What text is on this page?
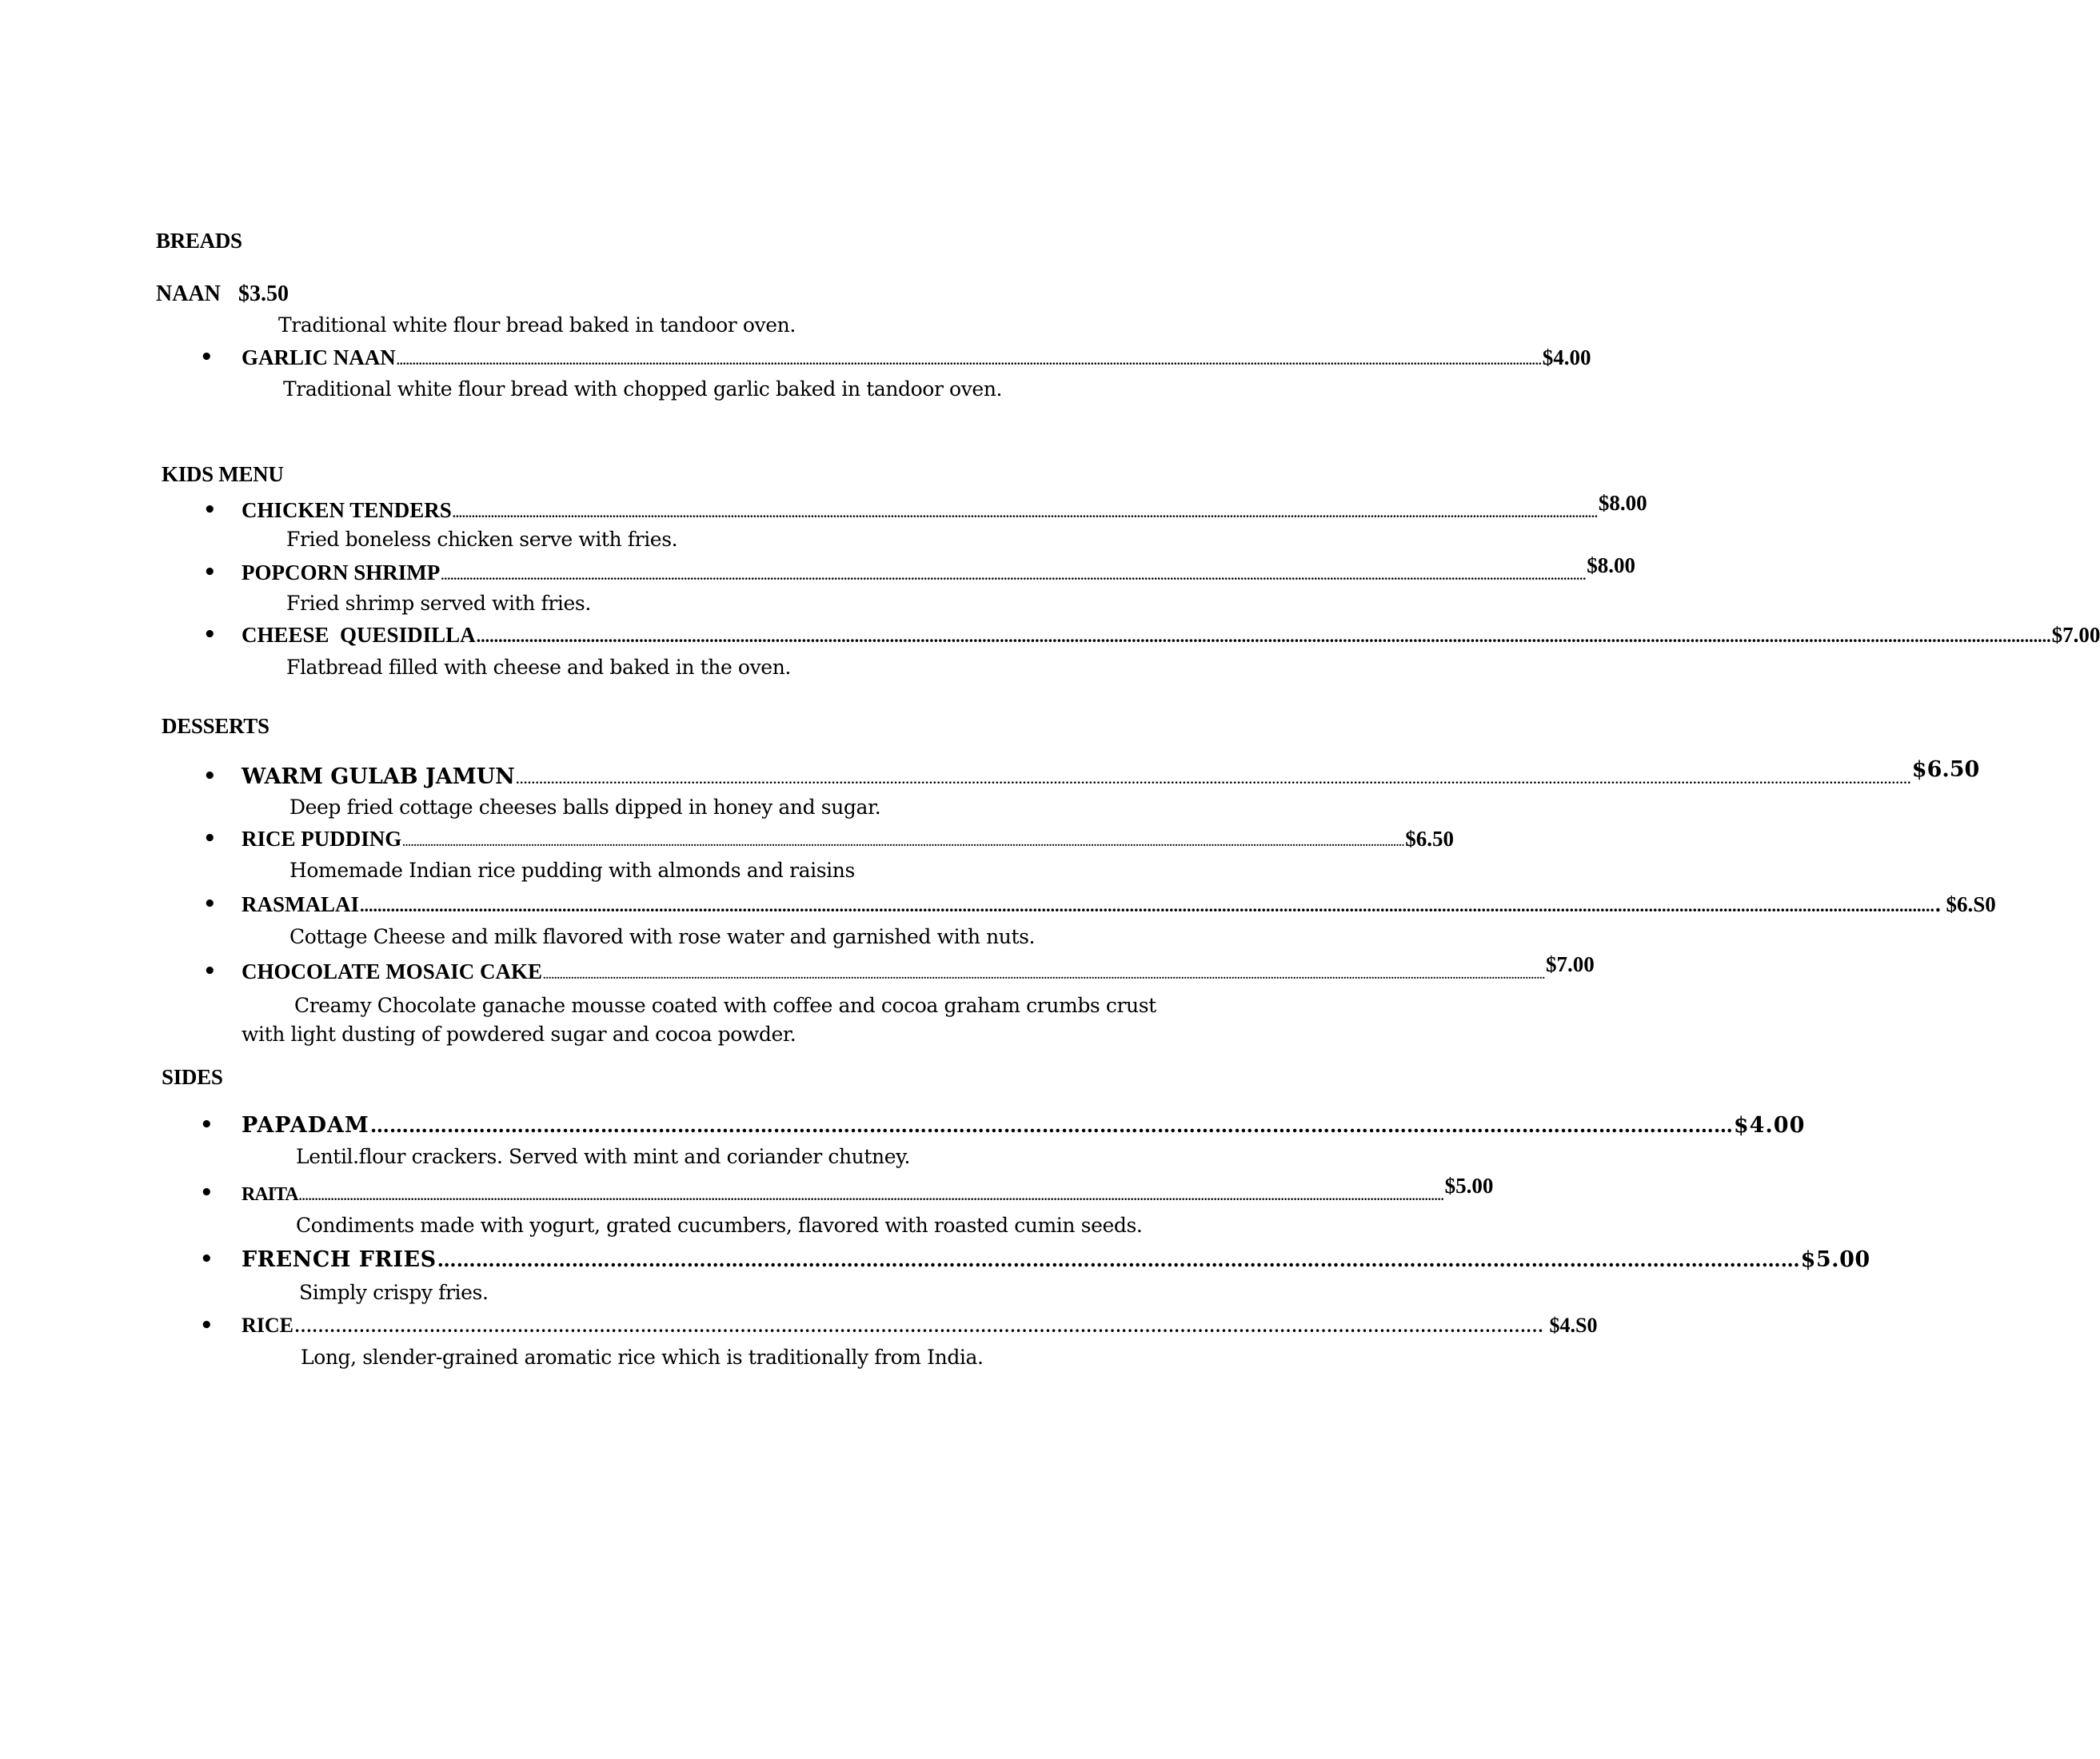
BREADS
NAAN $3.50
Traditional white flour bread baked in tandoor oven.
• GARLIC NAAN ...................................................................................................................................................................................................................................................................................................................................................................... $4.00
Traditional white flour bread with chopped garlic baked in tandoor oven.
KIDS MENU
• CHICKEN TENDERS ...................................................................................................................................................................................................................................................................................................................................................................... $8.00
Fried boneless chicken serve with fries.
• POPCORN SHRIMP ...................................................................................................................................................................................................................................................................................................................................................................... $8.00
Fried shrimp served with fries.
• CHEESE  QUESIDILLA ...................................................................................................................................................................................................................................................................................................................................................................... $7.00
Flatbread filled with cheese and baked in the oven.
DESSERTS
• WARM GULAB JAMUN ...................................................................................................................................................................................................................................................................................................................................................................... $6.50
Deep fried cottage cheeses balls dipped in honey and sugar.
• RICE PUDDING ...................................................................................................................................................................................................................................................................................................................................................................... $6.50
Homemade Indian rice pudding with almonds and raisins
• RASMALAI ...................................................................................................................................................................................................................................................................................................................................................................... . $6.S0
Cottage Cheese and milk flavored with rose water and garnished with nuts.
• CHOCOLATE MOSAIC CAKE ...................................................................................................................................................................................................................................................................................................................................................................... $7.00
Creamy Chocolate ganache mousse coated with coffee and cocoa graham crumbs crust with light dusting of powdered sugar and cocoa powder.
SIDES
• PAPADAM …………………………………………………………………………………………………………………………………………………………………………………………… $4.00
Lentil.flour crackers. Served with mint and coriander chutney.
• RAITA ...................................................................................................................................................................................................................................................................................................................................................................... $5.00
Condiments made with yogurt, grated cucumbers, flavored with roasted cumin seeds.
• FRENCH FRIES …………………………………………………………………………………………………………………………………………………………………………………………… $5.00
Simply crispy fries.
• RICE …………………………………………………………………………………………………………………………………………………………………………………………… $4.S0
Long, slender-grained aromatic rice which is traditionally from India.
